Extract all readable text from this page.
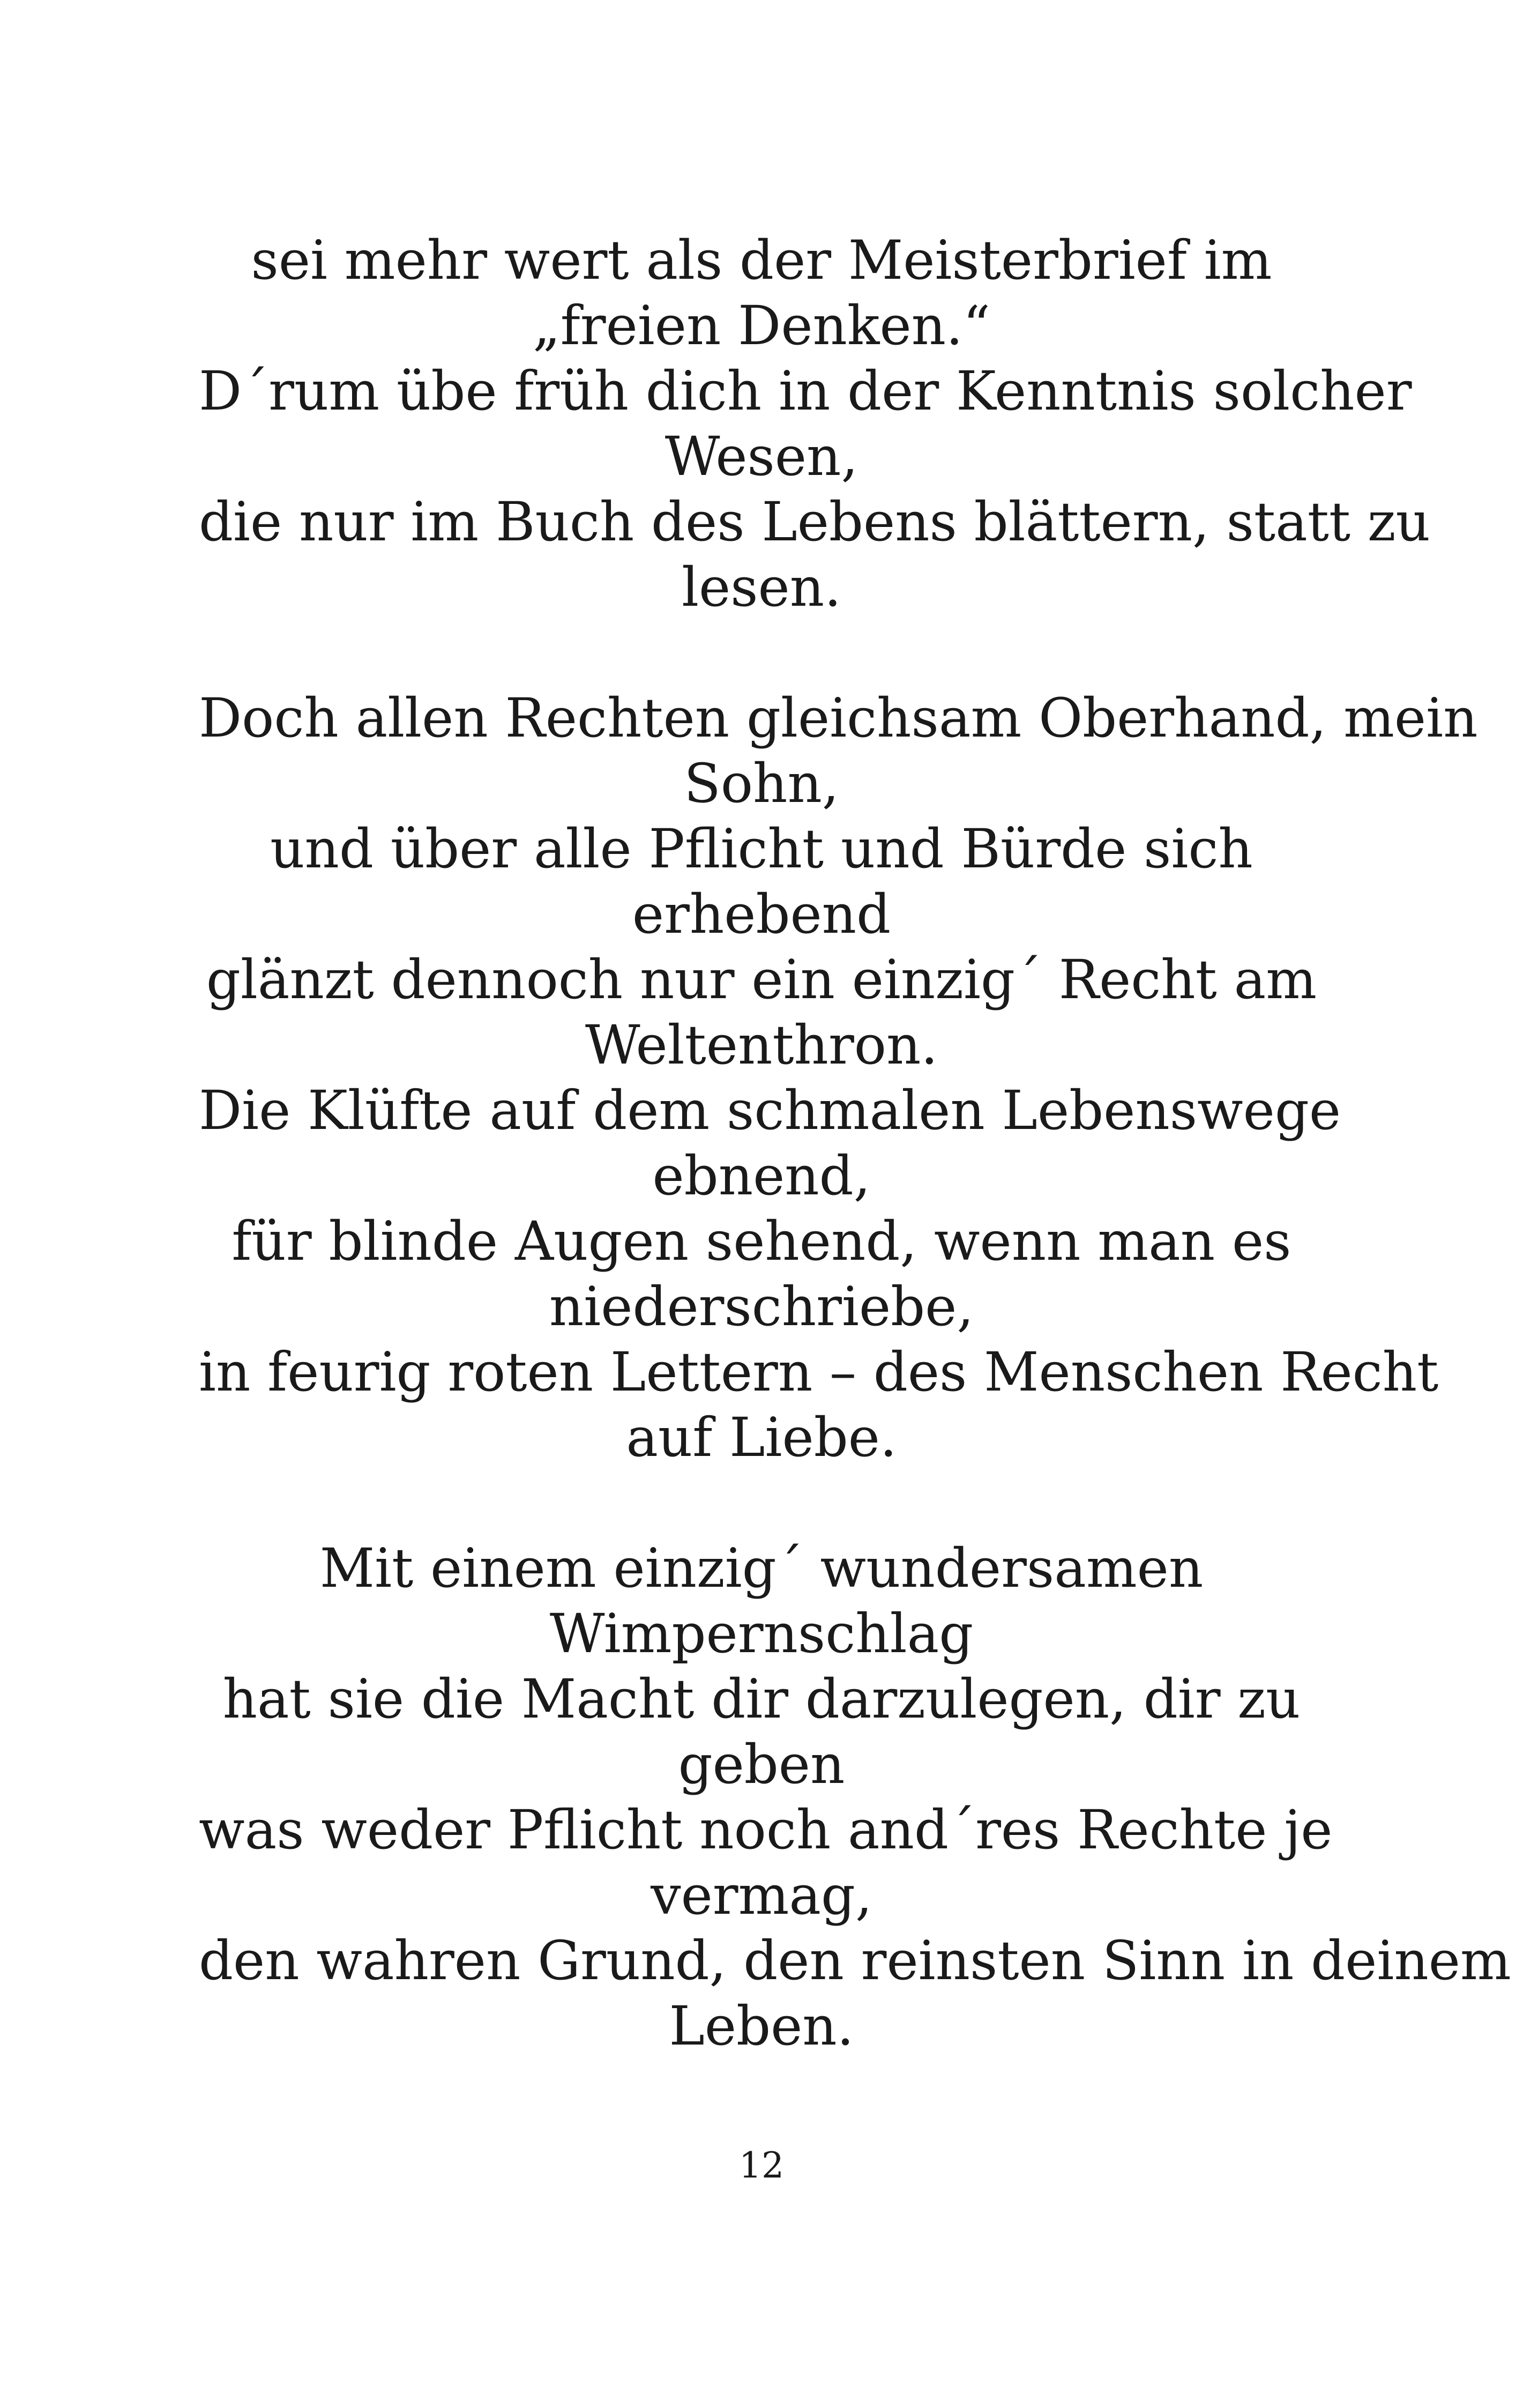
sei mehr wert als der Meisterbrief im
„freien Denken.“
D´rum übe früh dich in der Kenntnis solcher
Wesen,
die nur im Buch des Lebens blättern, statt zu
lesen.
Doch allen Rechten gleichsam Oberhand, mein
Sohn,
und über alle Pflicht und Bürde sich
erhebend
glänzt dennoch nur ein einzig´ Recht am
Weltenthron.
Die Klüfte auf dem schmalen Lebenswege
ebnend,
für blinde Augen sehend, wenn man es
niederschriebe,
in feurig roten Lettern – des Menschen Recht
auf Liebe.
Mit einem einzig´ wundersamen
Wimpernschlag
hat sie die Macht dir darzulegen, dir zu
geben
was weder Pflicht noch and´res Rechte je
vermag,
den wahren Grund, den reinsten Sinn in deinem
Leben.
12
